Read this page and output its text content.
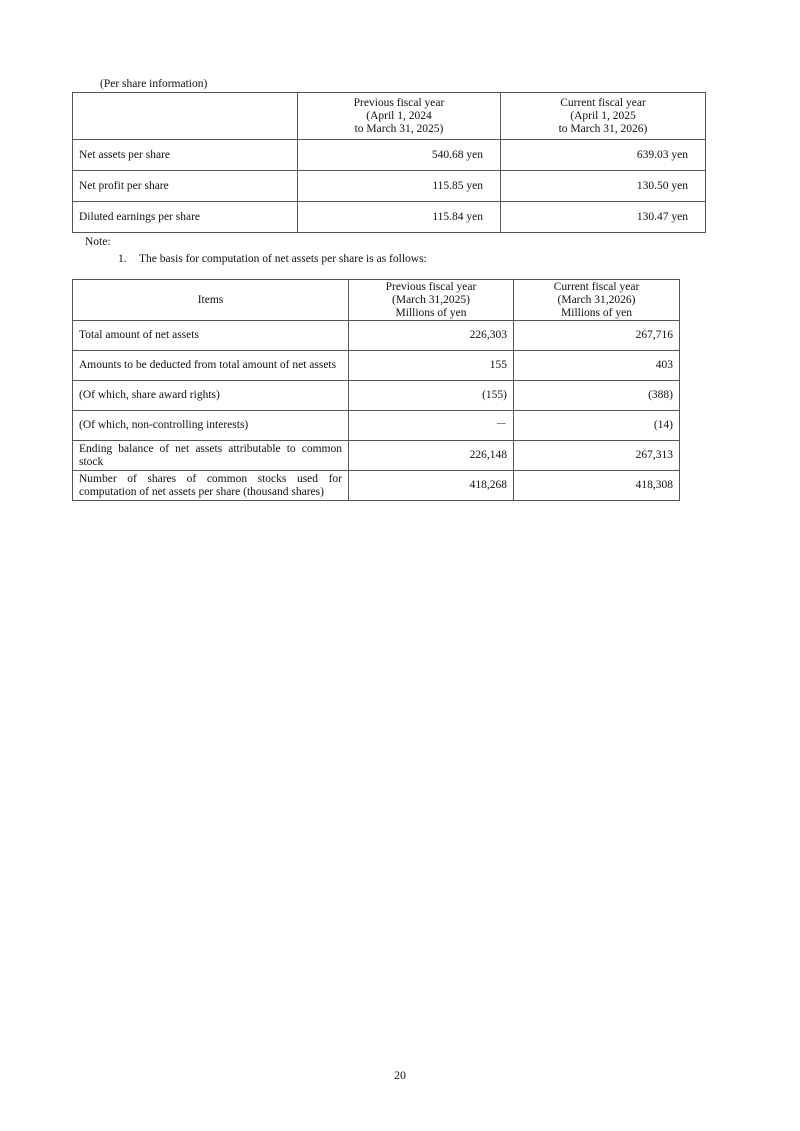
(Per share information)

	Previous fiscal year
(April 1, 2024
to March 31, 2025)	Current fiscal year
(April 1, 2025
to March 31, 2026)

Net assets per share	540.68 yen	639.03 yen
Net profit per share	115.85 yen	130.50 yen
Diluted earnings per share	115.84 yen	130.47 yen
Note:
1. The basis for computation of net assets per share is as follows:
Items	Previous fiscal year
(March 31,2025)
Millions of yen	Current fiscal year
(March 31,2026)
Millions of yen

Total amount of net assets	226,303	267,716
Amounts to be deducted from total amount of net assets	155	403
(Of which, share award rights)	(155)	(388)
(Of which, non-controlling interests)	－	(14)
Ending balance of net assets attributable to common stock	226,148	267,313
Number of shares of common stocks used for computation of net assets per share (thousand shares)	418,268	418,308
20
